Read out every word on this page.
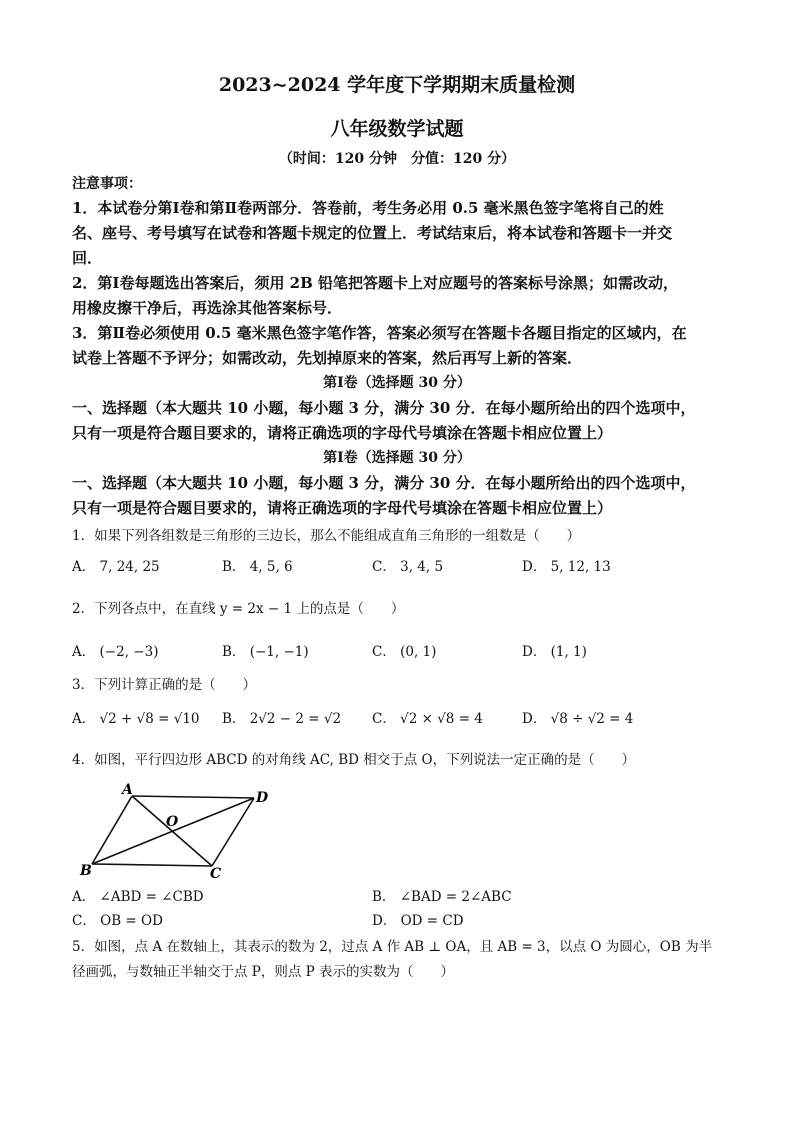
2023~2024 学年度下学期期末质量检测
八年级数学试题
（时间：120 分钟　分值：120 分）
注意事项：
1．本试卷分第Ⅰ卷和第Ⅱ卷两部分．答卷前，考生务必用 0.5 毫米黑色签字笔将自己的姓
名、座号、考号填写在试卷和答题卡规定的位置上．考试结束后，将本试卷和答题卡一并交
回．
2．第Ⅰ卷每题选出答案后，须用 2B 铅笔把答题卡上对应题号的答案标号涂黑；如需改动，
用橡皮擦干净后，再选涂其他答案标号．
3．第Ⅱ卷必须使用 0.5 毫米黑色签字笔作答，答案必须写在答题卡各题目指定的区域内，在
试卷上答题不予评分；如需改动，先划掉原来的答案，然后再写上新的答案．
第Ⅰ卷（选择题 30 分）
一、选择题（本大题共 10 小题，每小题 3 分，满分 30 分．在每小题所给出的四个选项中，
只有一项是符合题目要求的，请将正确选项的字母代号填涂在答题卡相应位置上）
第Ⅰ卷（选择题 30 分）
一、选择题（本大题共 10 小题，每小题 3 分，满分 30 分．在每小题所给出的四个选项中，
只有一项是符合题目要求的，请将正确选项的字母代号填涂在答题卡相应位置上）
1．如果下列各组数是三角形的三边长，那么不能组成直角三角形的一组数是（　　）
A． 7, 24, 25	B． 4, 5, 6	C． 3, 4, 5	D． 5, 12, 13
2．下列各点中，在直线 y = 2x − 1 上的点是（　　）
A． (−2, −3)	B． (−1, −1)	C． (0, 1)	D． (1, 1)
3．下列计算正确的是（　　）
A． √2 + √8 = √10 B． 2√2 − 2 = √2 C． √2 × √8 = 4	D． √8 ÷ √2 = 4
4．如图，平行四边形 ABCD 的对角线 AC, BD 相交于点 O，下列说法一定正确的是（　　）
A
B	C
D
O
A． ∠ABD = ∠CBD	B． ∠BAD = 2∠ABC
C． OB = OD	D． OD = CD
5．如图，点 A 在数轴上，其表示的数为 2，过点 A 作 AB ⊥ OA，且 AB = 3，以点 O 为圆心，OB 为半
径画弧，与数轴正半轴交于点 P，则点 P 表示的实数为（　　）
